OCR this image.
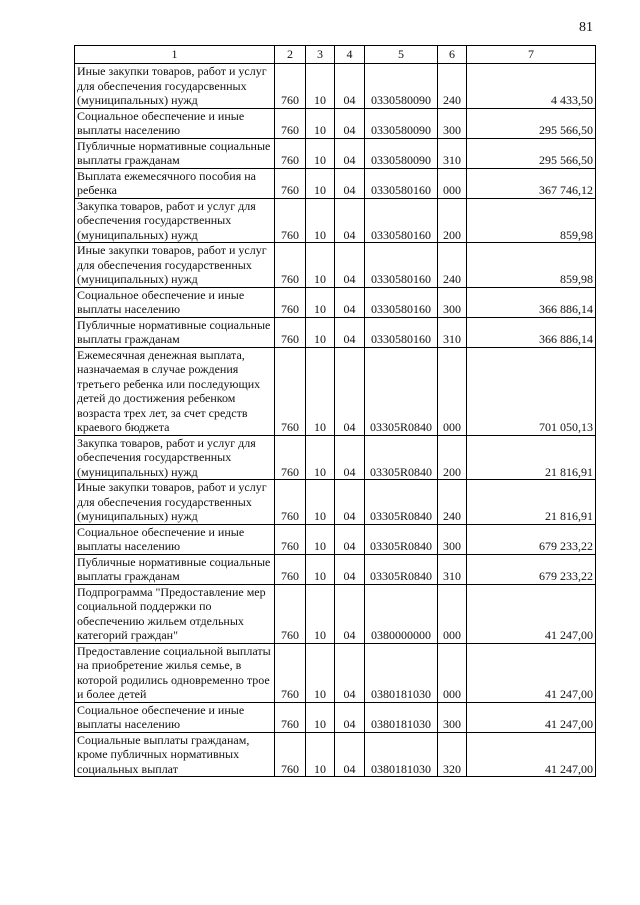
81
1	2	3	4	5	6	7
Иные закупки товаров, работ и услуг для обеспечения государсвенных (муниципальных) нужд	760	10	04	0330580090	240	4 433,50
Социальное обеспечение и иные выплаты населению	760	10	04	0330580090	300	295 566,50
Публичные нормативные социальные выплаты гражданам	760	10	04	0330580090	310	295 566,50
Выплата ежемесячного пособия на ребенка	760	10	04	0330580160	000	367 746,12
Закупка товаров, работ и услуг для обеспечения государственных (муниципальных) нужд	760	10	04	0330580160	200	859,98
Иные закупки товаров, работ и услуг для обеспечения государственных (муниципальных) нужд	760	10	04	0330580160	240	859,98
Социальное обеспечение и иные выплаты населению	760	10	04	0330580160	300	366 886,14
Публичные нормативные социальные выплаты гражданам	760	10	04	0330580160	310	366 886,14
Ежемесячная денежная выплата, назначаемая в случае рождения третьего ребенка или последующих детей до достижения ребенком возраста трех лет, за счет средств краевого бюджета	760	10	04	03305R0840	000	701 050,13
Закупка товаров, работ и услуг для обеспечения государственных (муниципальных) нужд	760	10	04	03305R0840	200	21 816,91
Иные закупки товаров, работ и услуг для обеспечения государственных (муниципальных) нужд	760	10	04	03305R0840	240	21 816,91
Социальное обеспечение и иные выплаты населению	760	10	04	03305R0840	300	679 233,22
Публичные нормативные социальные выплаты гражданам	760	10	04	03305R0840	310	679 233,22
Подпрограмма "Предоставление мер социальной поддержки по обеспечению жильем отдельных категорий граждан"	760	10	04	0380000000	000	41 247,00
Предоставление социальной выплаты на приобретение жилья семье, в которой родились одновременно трое и более детей	760	10	04	0380181030	000	41 247,00
Социальное обеспечение и иные выплаты населению	760	10	04	0380181030	300	41 247,00
Социальные выплаты гражданам, кроме публичных нормативных социальных выплат	760	10	04	0380181030	320	41 247,00
